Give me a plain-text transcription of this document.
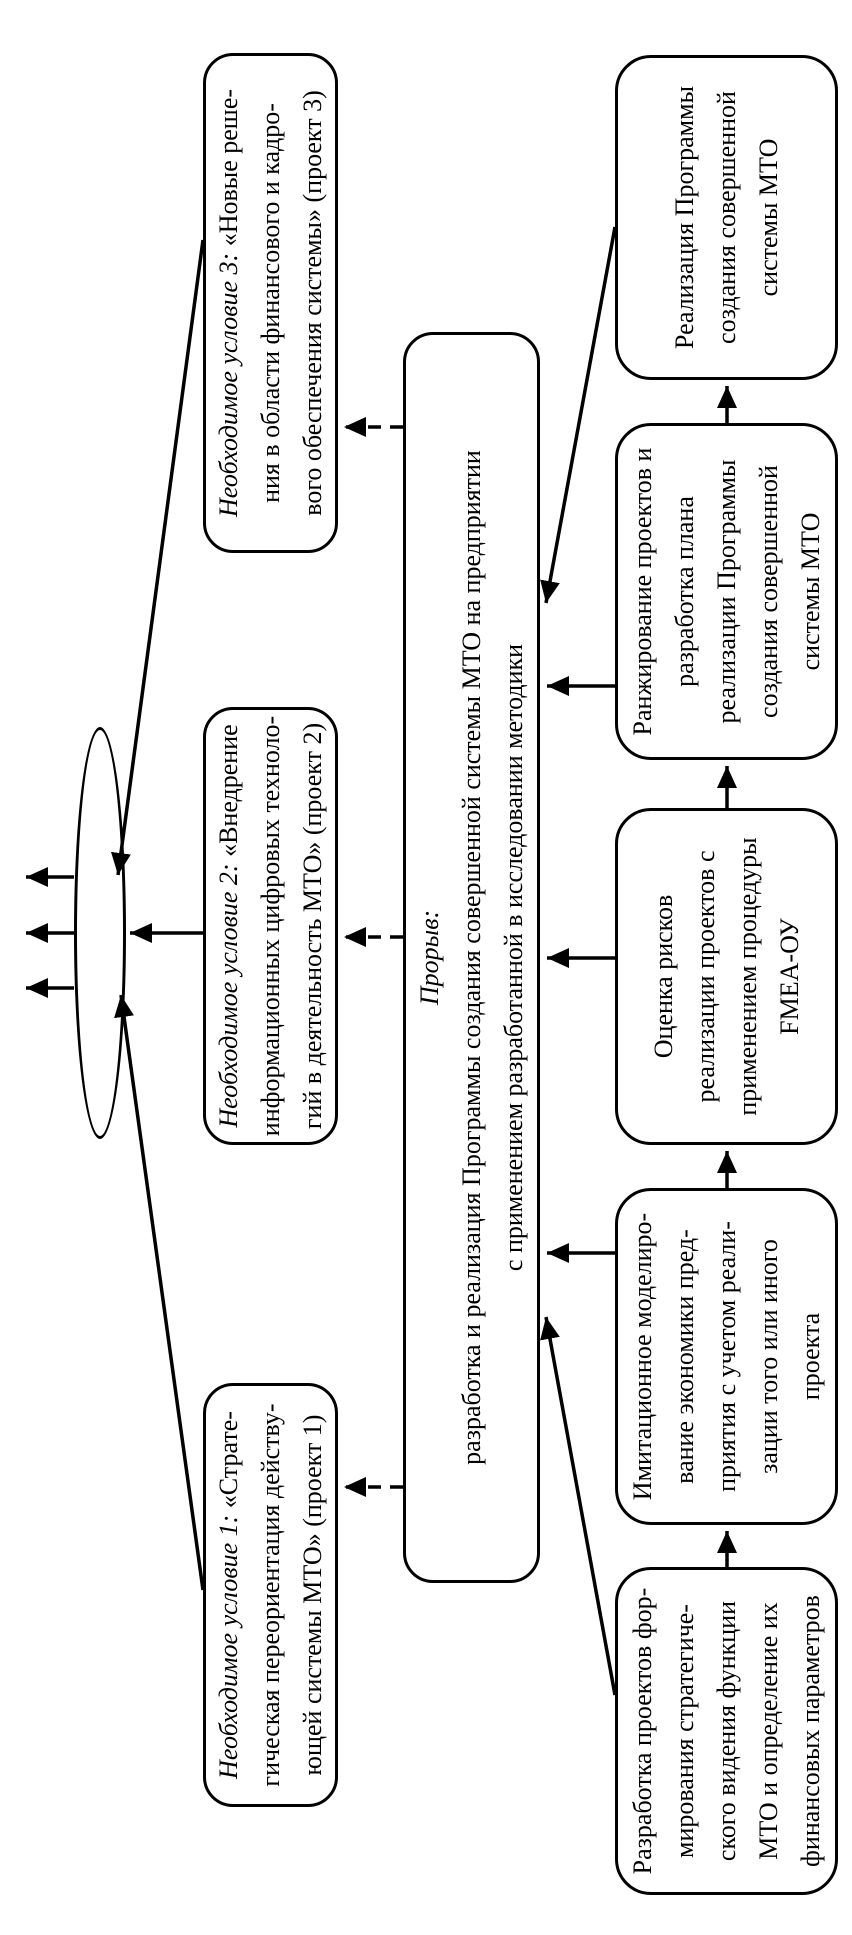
Необходимое условие 1: «Страте- гическая переориентация действу- ющей системы МТО» (проект 1)
Необходимое условие 2: «Внедрение информационных цифровых техноло- гий в деятельность МТО» (проект 2)
Необходимое условие 3: «Новые реше- ния в области финансового и кадро- вого обеспечения системы» (проект 3)
Прорыв: разработка и реализация Программы создания совершенной системы МТО на предприятии с применением разработанной в исследовании методики
Разработка проектов фор- мирования стратегиче- ского видения функции МТО и определение их финансовых параметров
Имитационное моделиро- вание экономики пред- приятия с учетом реали- зации того или иного проекта
Оценка рисков реализации проектов с применением процедуры FMEA-ОУ
Ранжирование проектов и разработка плана реализации Программы создания совершенной системы МТО
Реализация Программы создания совершенной системы МТО
